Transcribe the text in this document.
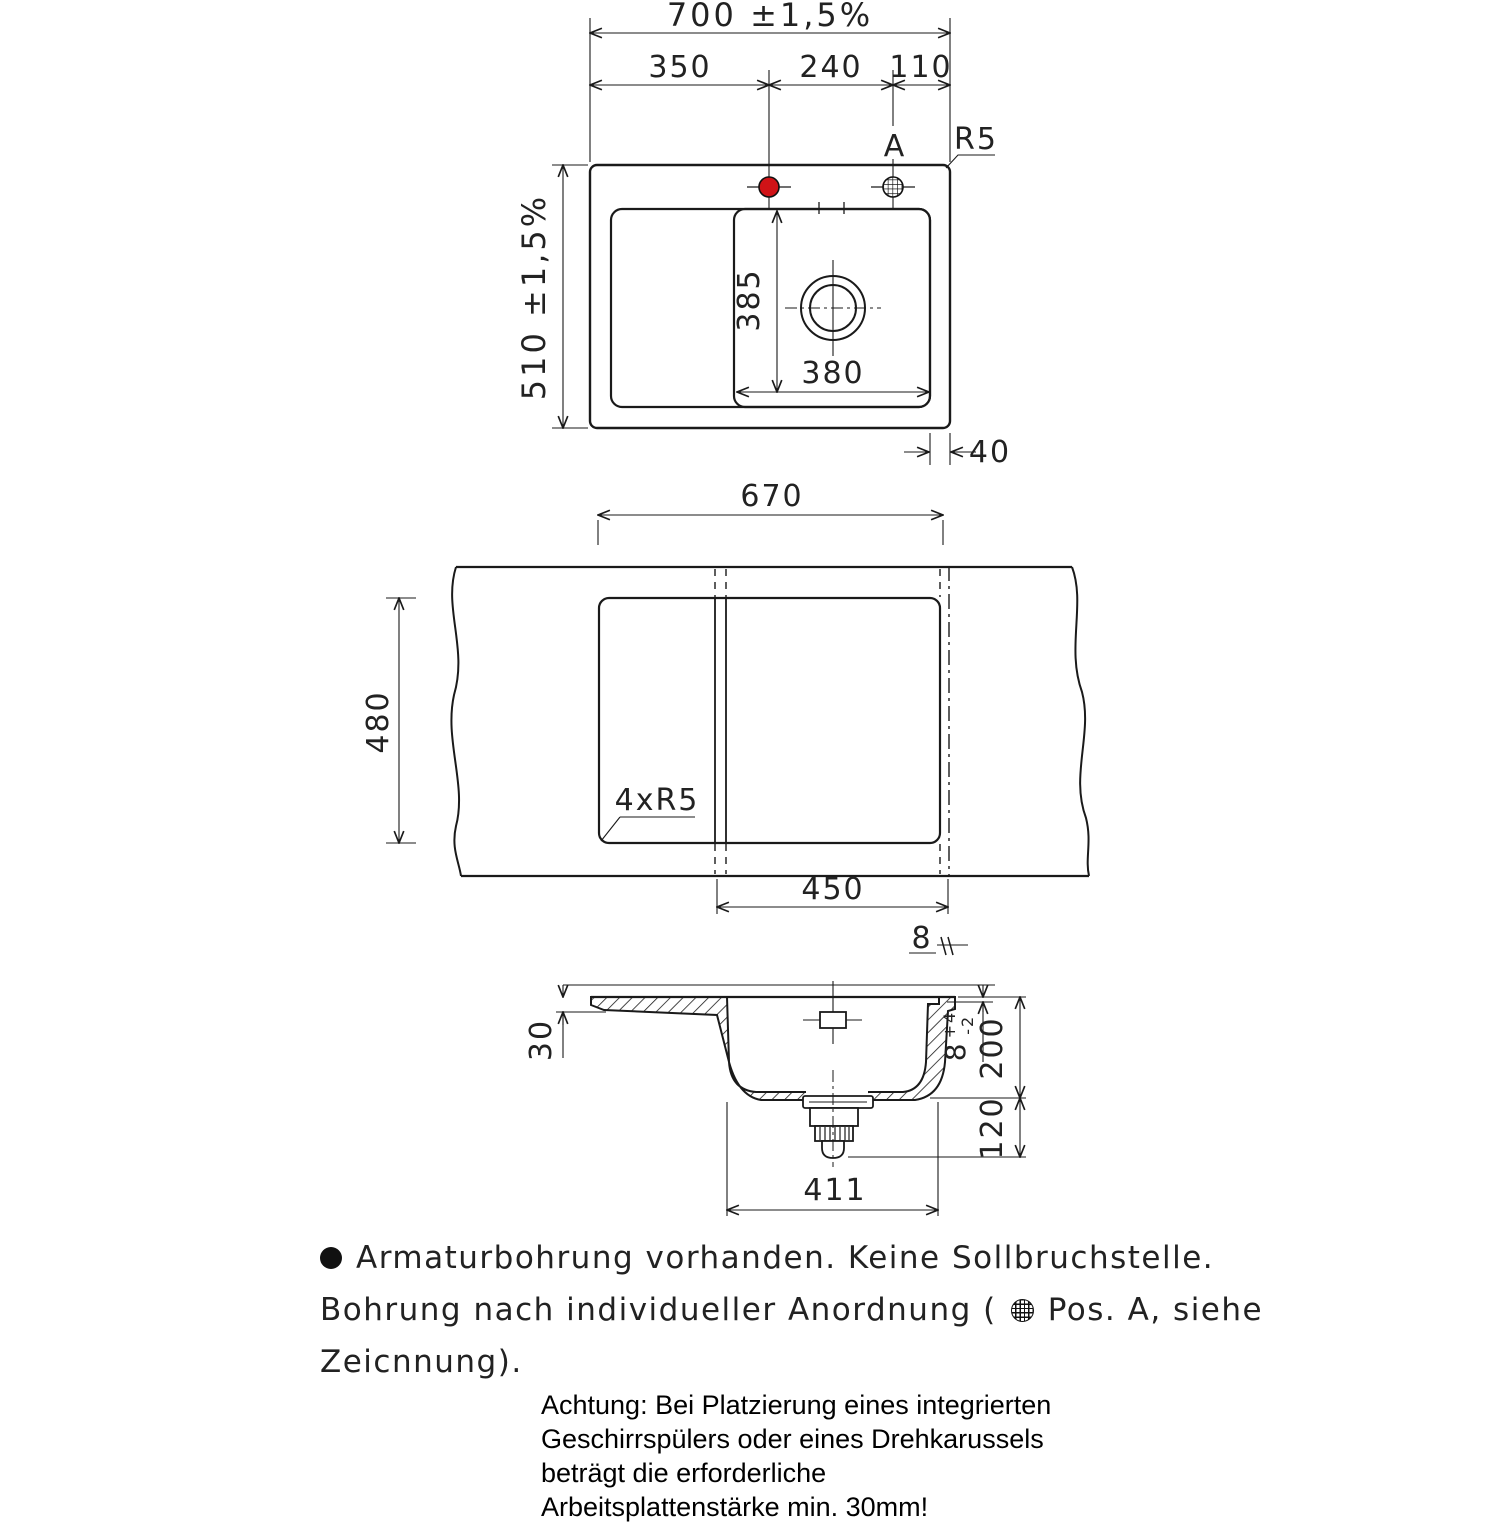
700 ±1,5%
350	240 110
A R5
510 ±1,5%	385
380
40
670
480
4xR5
450
8
30	$8^{+4}-2$
200
120
411
Armaturbohrung vorhanden. Keine Sollbruchstelle.
Bohrung nach individueller Anordnung ( Pos. A, siehe
Zeicnnung).
Achtung: Bei Platzierung eines integrierten
Geschirrspülers oder eines Drehkarussels
beträgt die erforderliche
Arbeitsplattenstärke min. 30mm!
